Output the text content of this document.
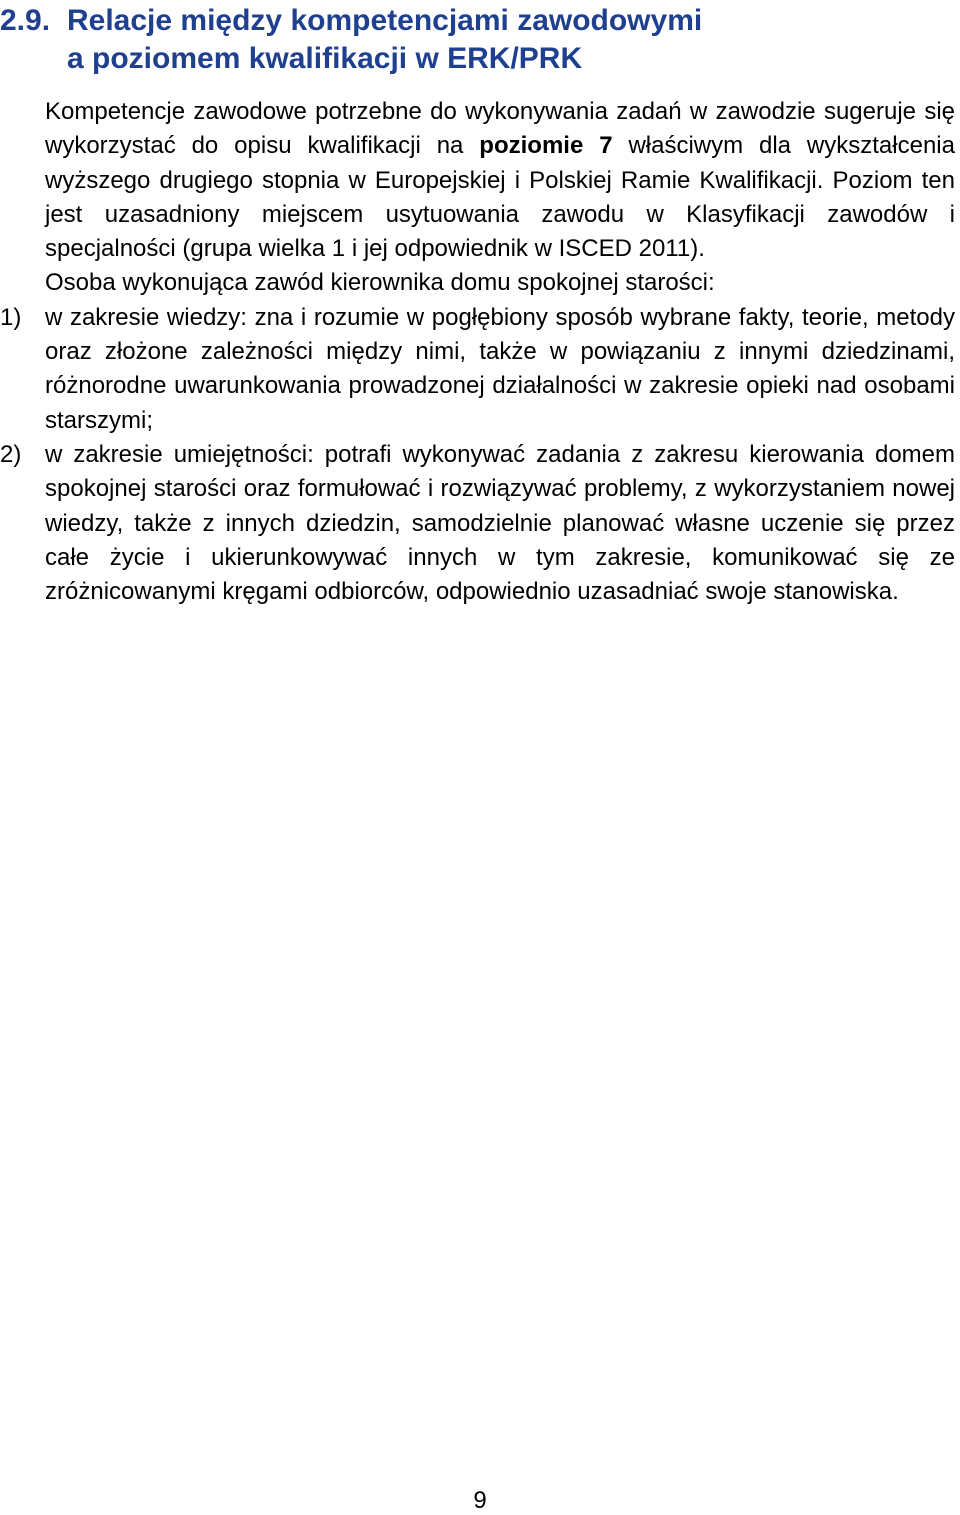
2.9. Relacje między kompetencjami zawodowymi
a poziomem kwalifikacji w ERK/PRK

Kompetencje zawodowe potrzebne do wykonywania zadań w zawodzie sugeruje się wykorzystać do opisu kwalifikacji na poziomie 7 właściwym dla wykształcenia wyższego drugiego stopnia w Europejskiej i Polskiej Ramie Kwalifikacji. Poziom ten jest uzasadniony miejscem usytuowania zawodu w Klasyfikacji zawodów i specjalności (grupa wielka 1 i jej odpowiednik w ISCED 2011).

Osoba wykonująca zawód kierownika domu spokojnej starości:

1) w zakresie wiedzy: zna i rozumie w pogłębiony sposób wybrane fakty, teorie, metody oraz złożone zależności między nimi, także w powiązaniu z innymi dziedzinami, różnorodne uwarunkowania prowadzonej działalności w zakresie opieki nad osobami starszymi;
2) w zakresie umiejętności: potrafi wykonywać zadania z zakresu kierowania domem spokojnej starości oraz formułować i rozwiązywać problemy, z wykorzystaniem nowej wiedzy, także z innych dziedzin, samodzielnie planować własne uczenie się przez całe życie i ukierunkowywać innych w tym zakresie, komunikować się ze zróżnicowanymi kręgami odbiorców, odpowiednio uzasadniać swoje stanowiska.
9
